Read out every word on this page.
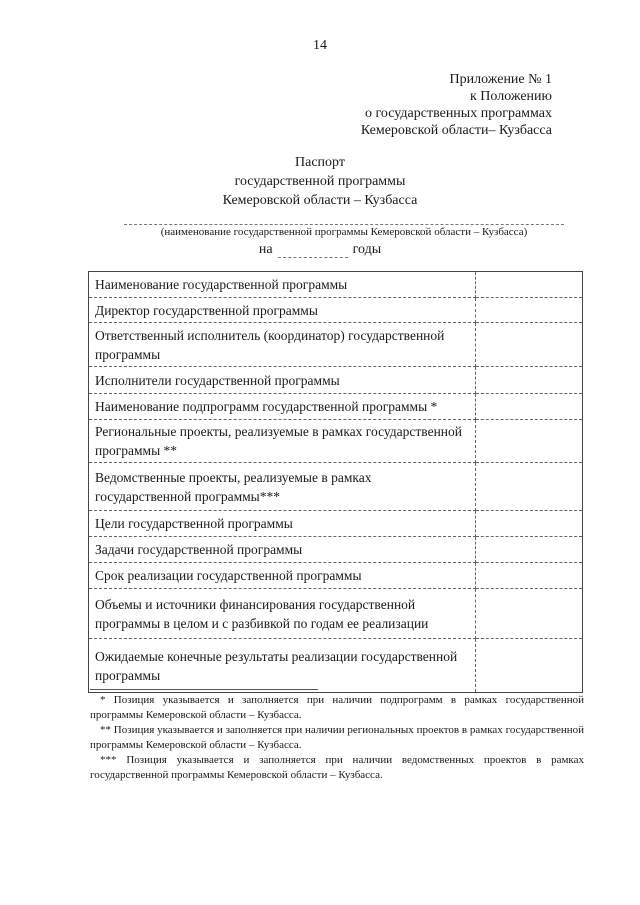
14
Приложение № 1
к Положению
о государственных программах
Кемеровской области– Кузбасса
Паспорт
государственной программы
Кемеровской области – Кузбасса
(наименование государственной программы Кемеровской области – Кузбасса)
на	годы
Наименование государственной программы	
Директор государственной программы	
Ответственный исполнитель (координатор) государственной программы	
Исполнители государственной программы	
Наименование подпрограмм государственной программы *	
Региональные проекты, реализуемые в рамках государственной программы **	
Ведомственные проекты, реализуемые в рамках государственной программы***	
Цели государственной программы	
Задачи государственной программы	
Срок реализации государственной программы	
Объемы и источники финансирования государственной программы в целом и с разбивкой по годам ее реализации	
Ожидаемые конечные результаты реализации государственной программы	

* Позиция указывается и заполняется при наличии подпрограмм в рамках государственной программы Кемеровской области – Кузбасса.

** Позиция указывается и заполняется при наличии региональных проектов в рамках государственной программы Кемеровской области – Кузбасса.

*** Позиция указывается и заполняется при наличии ведомственных проектов в рамках государственной программы Кемеровской области – Кузбасса.
